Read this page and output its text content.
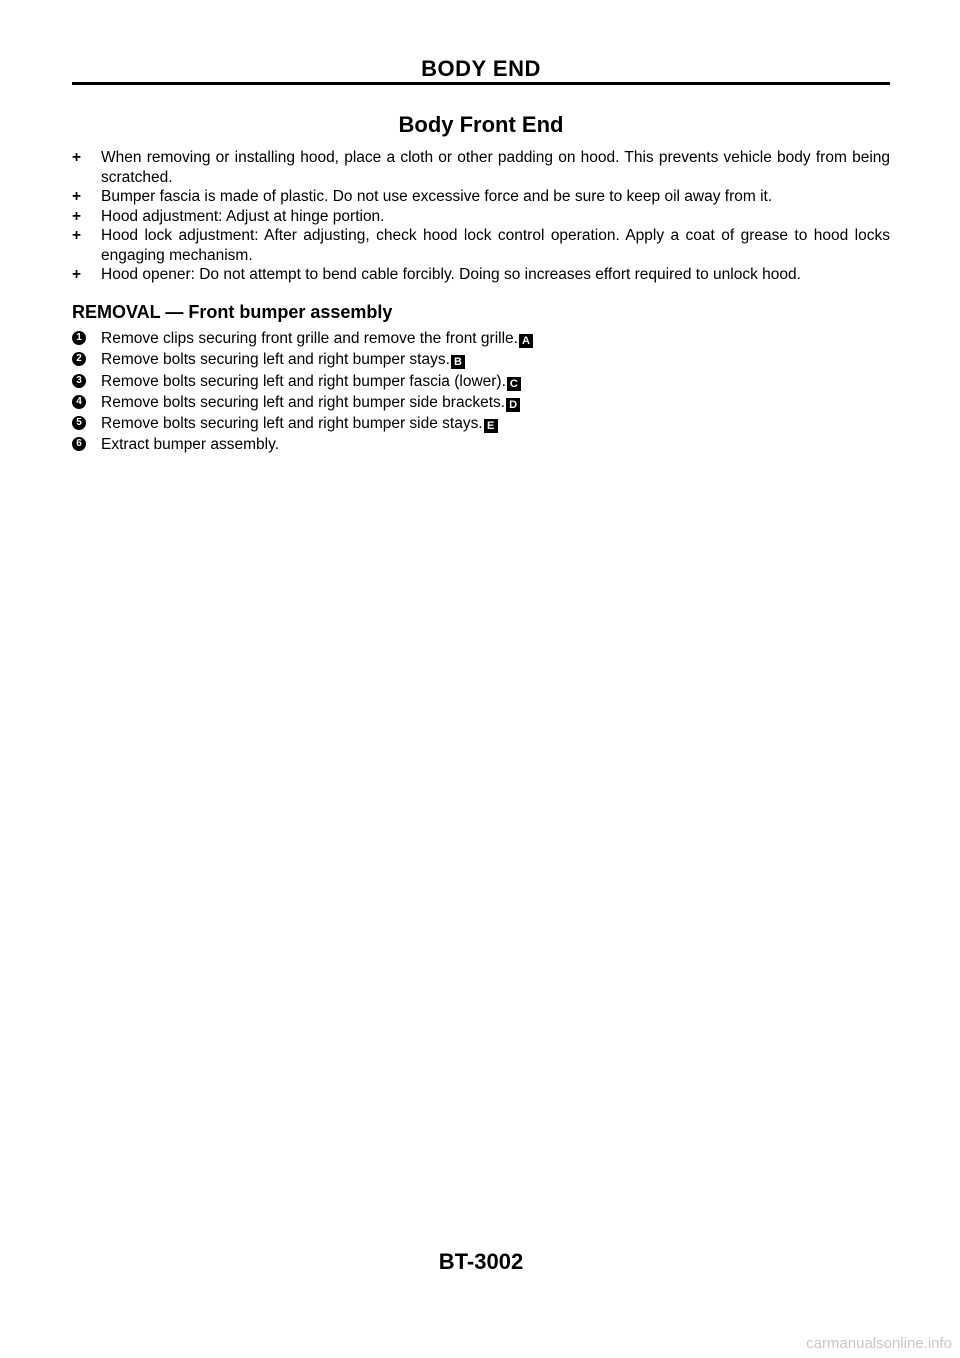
BODY END
Body Front End
+ When removing or installing hood, place a cloth or other padding on hood. This prevents vehicle body from being scratched.
+ Bumper fascia is made of plastic. Do not use excessive force and be sure to keep oil away from it.
+ Hood adjustment: Adjust at hinge portion.
+ Hood lock adjustment: After adjusting, check hood lock control operation. Apply a coat of grease to hood locks engaging mechanism.
+ Hood opener: Do not attempt to bend cable forcibly. Doing so increases effort required to unlock hood.
REMOVAL — Front bumper assembly
1 Remove clips securing front grille and remove the front grille. A
2 Remove bolts securing left and right bumper stays. B
3 Remove bolts securing left and right bumper fascia (lower). C
4 Remove bolts securing left and right bumper side brackets. D
5 Remove bolts securing left and right bumper side stays. E
6 Extract bumper assembly.
BT-3002
carmanualsonline.info
